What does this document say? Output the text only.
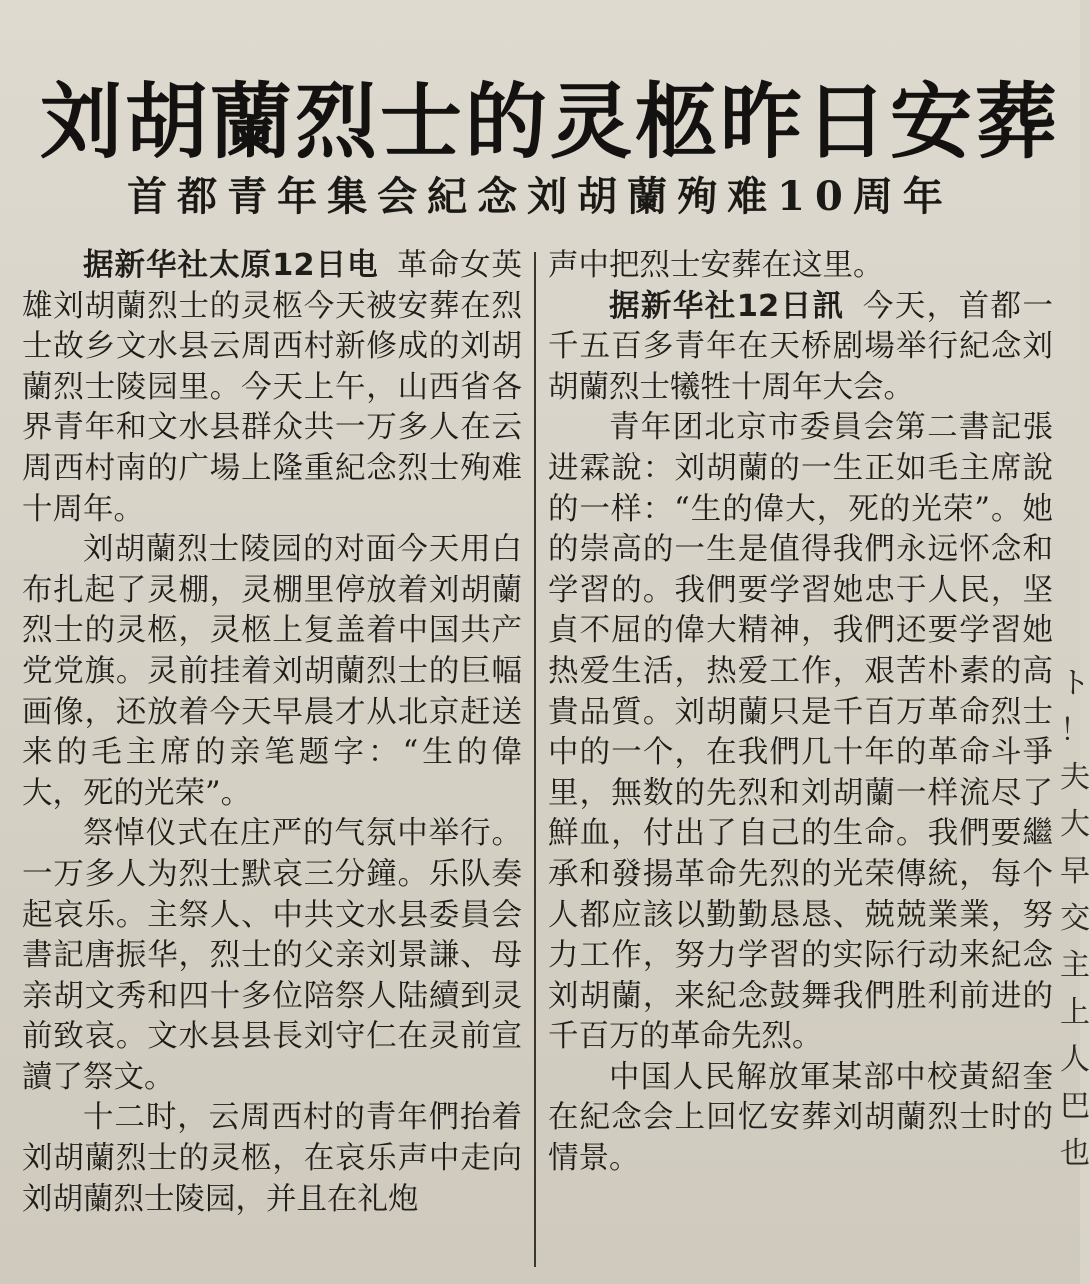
刘胡蘭烈士的灵柩昨日安葬
首都青年集会紀念刘胡蘭殉难10周年

据新华社太原12日电 革命女英雄刘胡蘭烈士的灵柩今天被安葬在烈士故乡文水县云周西村新修成的刘胡蘭烈士陵园里。今天上午，山西省各界青年和文水县群众共一万多人在云周西村南的广場上隆重紀念烈士殉难十周年。

刘胡蘭烈士陵园的对面今天用白布扎起了灵棚，灵棚里停放着刘胡蘭烈士的灵柩，灵柩上复盖着中国共产党党旗。灵前挂着刘胡蘭烈士的巨幅画像，还放着今天早晨才从北京赶送来的毛主席的亲笔题字：“生的偉大，死的光荣”。

祭悼仪式在庄严的气氛中举行。一万多人为烈士默哀三分鐘。乐队奏起哀乐。主祭人、中共文水县委員会書記唐振华，烈士的父亲刘景謙、母亲胡文秀和四十多位陪祭人陆續到灵前致哀。文水县县長刘守仁在灵前宣讀了祭文。

十二时，云周西村的青年們抬着刘胡蘭烈士的灵柩，在哀乐声中走向刘胡蘭烈士陵园，并且在礼炮

声中把烈士安葬在这里。

据新华社12日訊 今天，首都一千五百多青年在天桥剧場举行紀念刘胡蘭烈士犧牲十周年大会。

青年团北京市委員会第二書記張进霖說：刘胡蘭的一生正如毛主席說的一样：“生的偉大，死的光荣”。她的崇高的一生是值得我們永远怀念和学習的。我們要学習她忠于人民，坚貞不屈的偉大精神，我們还要学習她热爱生活，热爱工作，艰苦朴素的高貴品質。刘胡蘭只是千百万革命烈士中的一个，在我們几十年的革命斗爭里，無数的先烈和刘胡蘭一样流尽了鮮血，付出了自己的生命。我們要繼承和發揚革命先烈的光荣傳統，每个人都应該以勤勤恳恳、兢兢業業，努力工作，努力学習的实际行动来紀念刘胡蘭，来紀念鼓舞我們胜利前进的千百万的革命先烈。

中国人民解放軍某部中校黃紹奎在紀念会上回忆安葬刘胡蘭烈士时的情景。

ト
！
夫
大
早
交
主
上
人
巴
也
